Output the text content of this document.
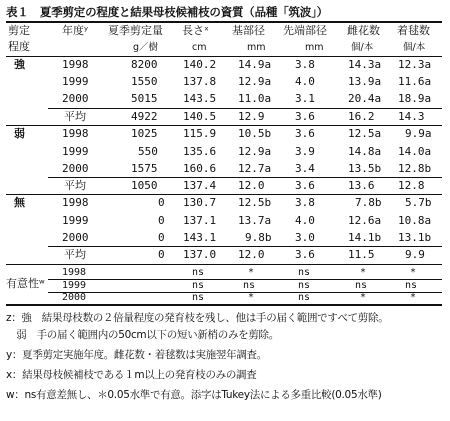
表１　夏季剪定の程度と結果母枝候補枝の資質（品種「筑波」）
剪定
程度
年度ʸ 夏季剪定量
g／樹
長さˣ
cm
基部径
mm
先端部径
mm
雌花数
個/本
着毬数
個/本
強	1998	8200 140.2 14.9a 3.8	14.3a 12.3a
1999	1550 137.8 12.9a 4.0	13.9a 11.6a
2000	5015 143.5 11.0a 3.1	20.4a 18.9a
平均	4922 140.5 12.9	3.6	16.2 14.3
弱	1998	1025 115.9 10.5b 3.6	12.5a 9.9a
1999	550 135.6 12.9a 3.9	14.8a 14.0a
2000	1575 160.6 12.7a 3.4	13.5b 12.8b
平均	1050 137.4 12.0	3.6	13.6 12.8
無	1998	0 130.7 12.5b 3.8	7.8b 5.7b
1999	0 137.1 13.7a 4.0	12.6a 10.8a
2000	0 143.1	9.8b 3.0	14.1b 13.1b
平均	0 137.0 12.0	3.6	11.5	9.9
有意性ʷ
1998	ns	*	ns	*	*
1999	ns	ns	ns	ns	ns
2000	ns	*	ns	*	*
z：強　結果母枝数の２倍量程度の発育枝を残し、他は手の届く範囲ですべて剪除。
　弱　手の届く範囲内の50cm以下の短い新梢のみを剪除。
y：夏季剪定実施年度。雌花数・着毬数は実施翌年調査。
x：結果母枝候補枝である１m以上の発育枝のみの調査
w：ns有意差無し、＊0.05水準で有意。添字はTukey法による多重比較(0.05水準)
